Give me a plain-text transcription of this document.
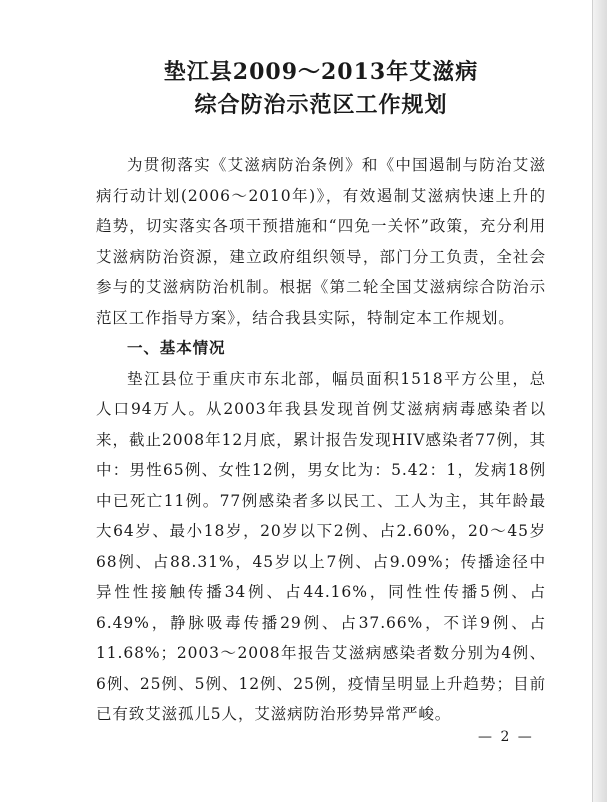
垫江县2009～2013年艾滋病
综合防治示范区工作规划

为贯彻落实《艾滋病防治条例》和《中国遏制与防治艾滋病行动计划(2006～2010年)》，有效遏制艾滋病快速上升的趋势，切实落实各项干预措施和“四免一关怀”政策，充分利用艾滋病防治资源，建立政府组织领导，部门分工负责，全社会参与的艾滋病防治机制。根据《第二轮全国艾滋病综合防治示范区工作指导方案》，结合我县实际，特制定本工作规划。

一、基本情况

垫江县位于重庆市东北部，幅员面积1518平方公里，总人口94万人。从2003年我县发现首例艾滋病病毒感染者以来，截止2008年12月底，累计报告发现HIV感染者77例，其中：男性65例、女性12例，男女比为：5.42：1，发病18例中已死亡11例。77例感染者多以民工、工人为主，其年龄最大64岁、最小18岁，20岁以下2例、占2.60%，20～45岁68例、占88.31%，45岁以上7例、占9.09%；传播途径中异性性接触传播34例、占44.16%，同性性传播5例、占6.49%，静脉吸毒传播29例、占37.66%，不详9例、占11.68%；2003～2008年报告艾滋病感染者数分别为4例、6例、25例、5例、12例、25例，疫情呈明显上升趋势；目前已有致艾滋孤儿5人，艾滋病防治形势异常严峻。

— 2 —
